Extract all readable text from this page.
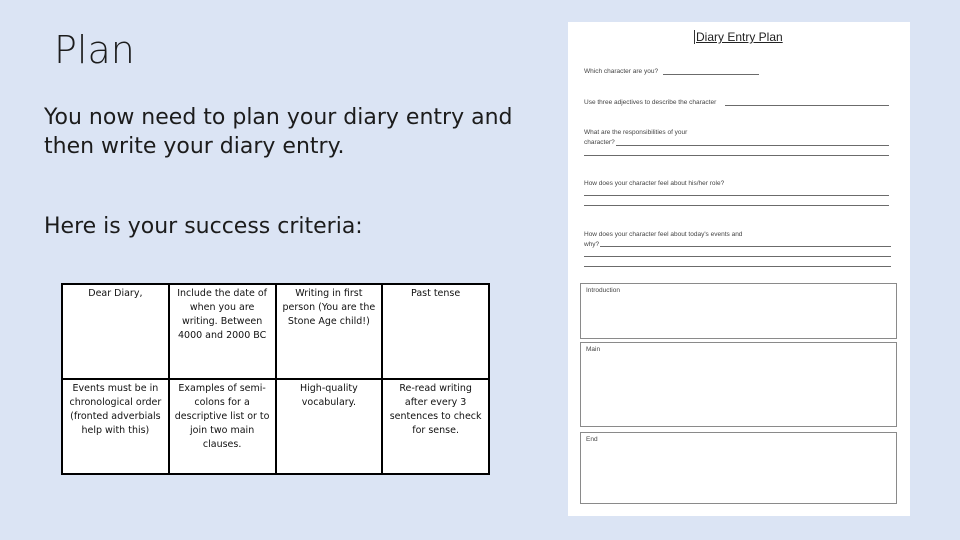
Plan
You now need to plan your diary entry and then write your diary entry.
Here is your success criteria:
Dear Diary,	Include the date of when you are writing. Between 4000 and 2000 BC	Writing in first person (You are the Stone Age child!)	Past tense
Events must be in chronological order (fronted adverbials help with this)	Examples of semi-colons for a descriptive list or to join two main clauses.	High-quality vocabulary.	Re-read writing after every 3 sentences to check for sense.
Diary Entry Plan
Which character are you?
Use three adjectives to describe the character
What are the responsibilities of your
character?
How does your character feel about his/her role?
How does your character feel about today's events and
why?
Introduction
Main
End
